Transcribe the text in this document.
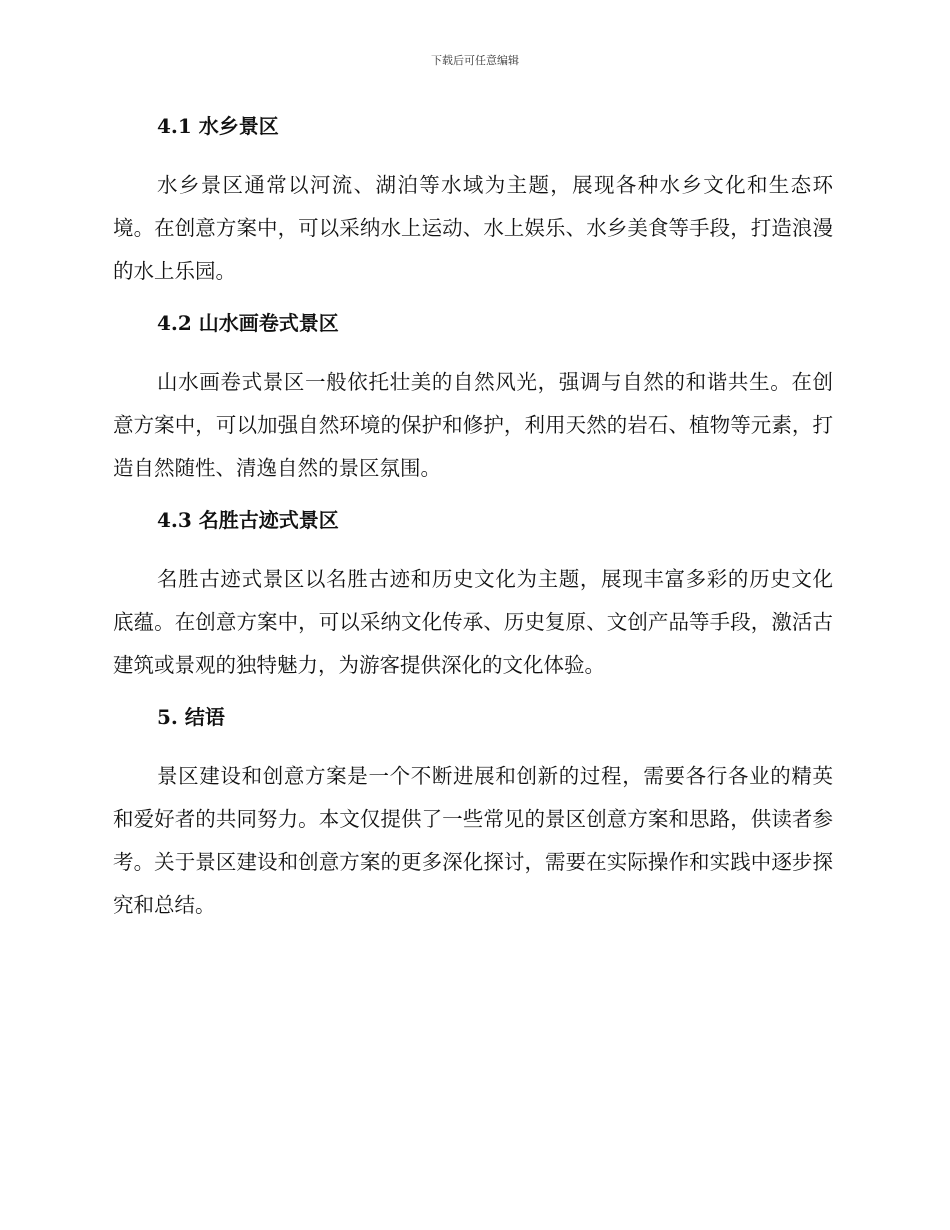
下载后可任意编辑
4.1 水乡景区

水乡景区通常以河流、湖泊等水域为主题，展现各种水乡文化和生态环境。在创意方案中，可以采纳水上运动、水上娱乐、水乡美食等手段，打造浪漫的水上乐园。

4.2 山水画卷式景区

山水画卷式景区一般依托壮美的自然风光，强调与自然的和谐共生。在创意方案中，可以加强自然环境的保护和修护，利用天然的岩石、植物等元素，打造自然随性、清逸自然的景区氛围。

4.3 名胜古迹式景区

名胜古迹式景区以名胜古迹和历史文化为主题，展现丰富多彩的历史文化底蕴。在创意方案中，可以采纳文化传承、历史复原、文创产品等手段，激活古建筑或景观的独特魅力，为游客提供深化的文化体验。

5. 结语

景区建设和创意方案是一个不断进展和创新的过程，需要各行各业的精英和爱好者的共同努力。本文仅提供了一些常见的景区创意方案和思路，供读者参考。关于景区建设和创意方案的更多深化探讨，需要在实际操作和实践中逐步探究和总结。
